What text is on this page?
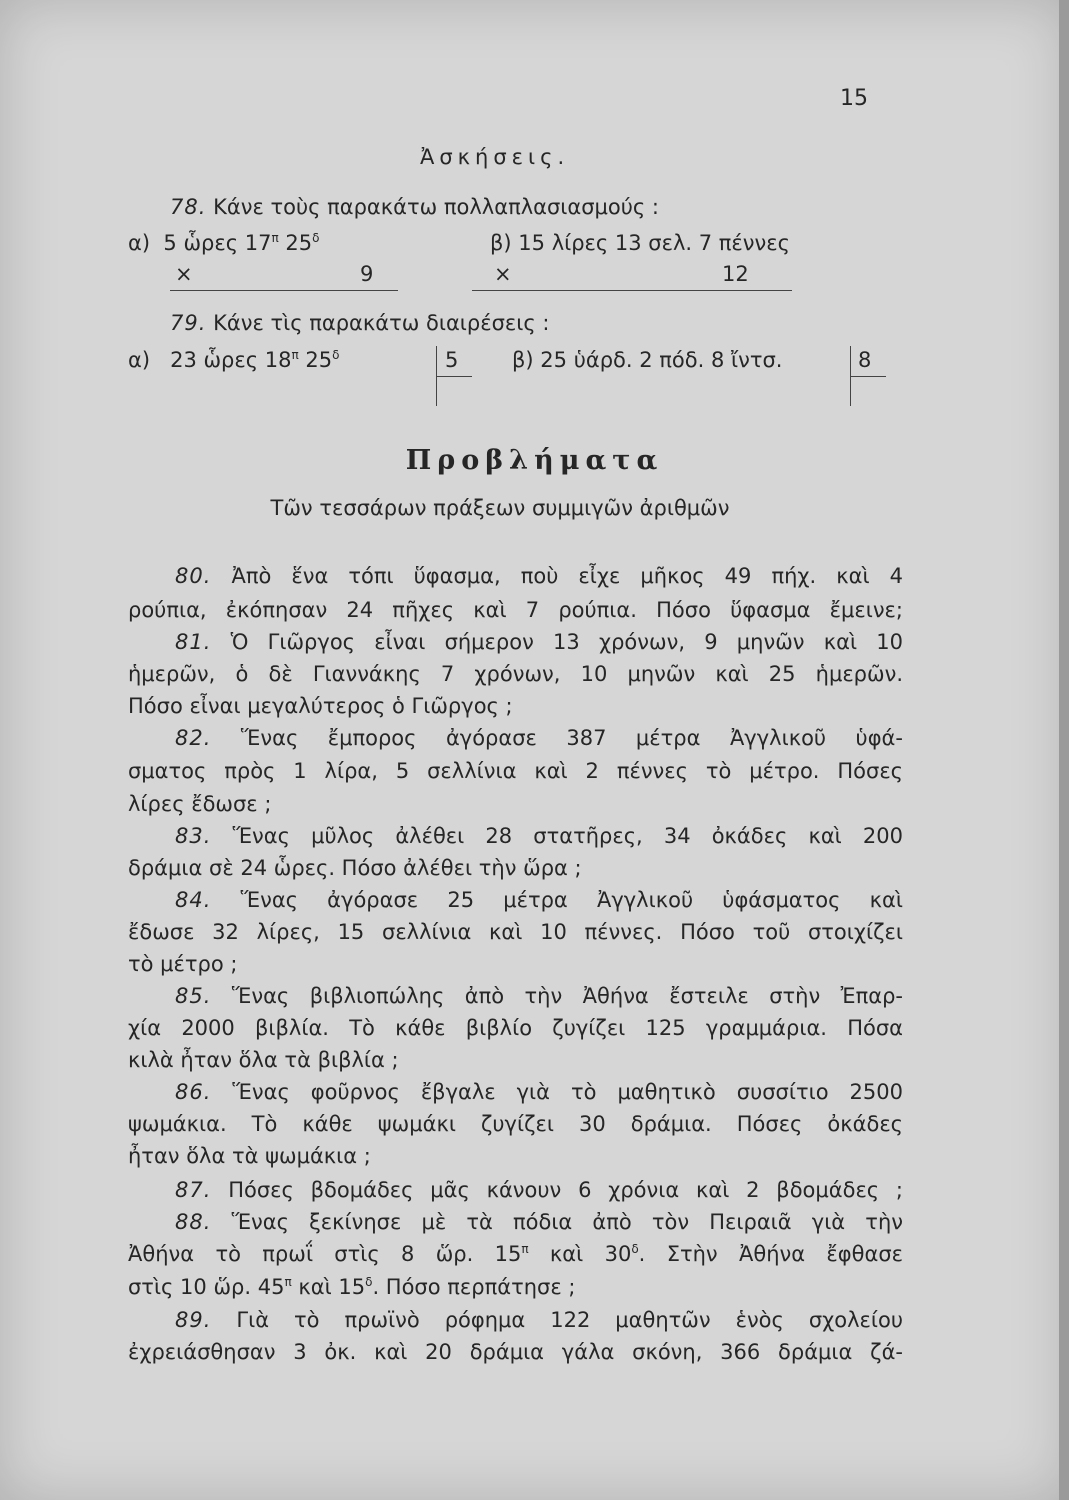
15
Ἀσκήσεις.
78. Κάνε τοὺς παρακάτω πολλαπλασιασμούς :
α) 5 ὧρες $17^\pi$ $25^\delta$
×	9
β) 15 λίρες 13 σελ. 7 πέννες
×	12
79. Κάνε τὶς παρακάτω διαιρέσεις :
α) 23 ὧρες $18^\pi$ $25^\delta$	5	β) 25 ὑάρδ. 2 πόδ. 8 ἴντσ.	8
Προβλήματα
Τῶν τεσσάρων πράξεων συμμιγῶν ἀριθμῶν
80. Ἀπὸ ἕνα τόπι ὕφασμα, ποὺ εἶχε μῆκος 49 πήχ. καὶ 4
ρούπια, ἐκόπησαν 24 πῆχες καὶ 7 ρούπια. Πόσο ὕφασμα ἔμεινε;
81. Ὁ Γιῶργος εἶναι σήμερον 13 χρόνων, 9 μηνῶν καὶ 10
ἡμερῶν, ὁ δὲ Γιαννάκης 7 χρόνων, 10 μηνῶν καὶ 25 ἡμερῶν.
Πόσο εἶναι μεγαλύτερος ὁ Γιῶργος ;
82. Ἕνας ἔμπορος ἀγόρασε 387 μέτρα Ἀγγλικοῦ ὑφά-
σματος πρὸς 1 λίρα, 5 σελλίνια καὶ 2 πέννες τὸ μέτρο. Πόσες
λίρες ἔδωσε ;
83. Ἕνας μῦλος ἀλέθει 28 στατῆρες, 34 ὀκάδες καὶ 200
δράμια σὲ 24 ὧρες. Πόσο ἀλέθει τὴν ὥρα ;
84. Ἕνας ἀγόρασε 25 μέτρα Ἀγγλικοῦ ὑφάσματος καὶ
ἔδωσε 32 λίρες, 15 σελλίνια καὶ 10 πέννες. Πόσο τοῦ στοιχίζει
τὸ μέτρο ;
85. Ἕνας βιβλιοπώλης ἀπὸ τὴν Ἀθήνα ἔστειλε στὴν Ἐπαρ-
χία 2000 βιβλία. Τὸ κάθε βιβλίο ζυγίζει 125 γραμμάρια. Πόσα
κιλὰ ἦταν ὅλα τὰ βιβλία ;
86. Ἕνας φοῦρνος ἔβγαλε γιὰ τὸ μαθητικὸ συσσίτιο 2500
ψωμάκια. Τὸ κάθε ψωμάκι ζυγίζει 30 δράμια. Πόσες ὀκάδες
ἦταν ὅλα τὰ ψωμάκια ;
87. Πόσες βδομάδες μᾶς κάνουν 6 χρόνια καὶ 2 βδομάδες ;
88. Ἕνας ξεκίνησε μὲ τὰ πόδια ἀπὸ τὸν Πειραιᾶ γιὰ τὴν
Ἀθήνα τὸ πρωΐ στὶς 8 ὥρ. $15^\pi$ καὶ $30^\delta$. Στὴν Ἀθήνα ἔφθασε
στὶς 10 ὥρ. $45^\pi$ καὶ $15^\delta$. Πόσο περπάτησε ;
89. Γιὰ τὸ πρωϊνὸ ρόφημα 122 μαθητῶν ἑνὸς σχολείου
ἐχρειάσθησαν 3 ὀκ. καὶ 20 δράμια γάλα σκόνη, 366 δράμια ζά-
